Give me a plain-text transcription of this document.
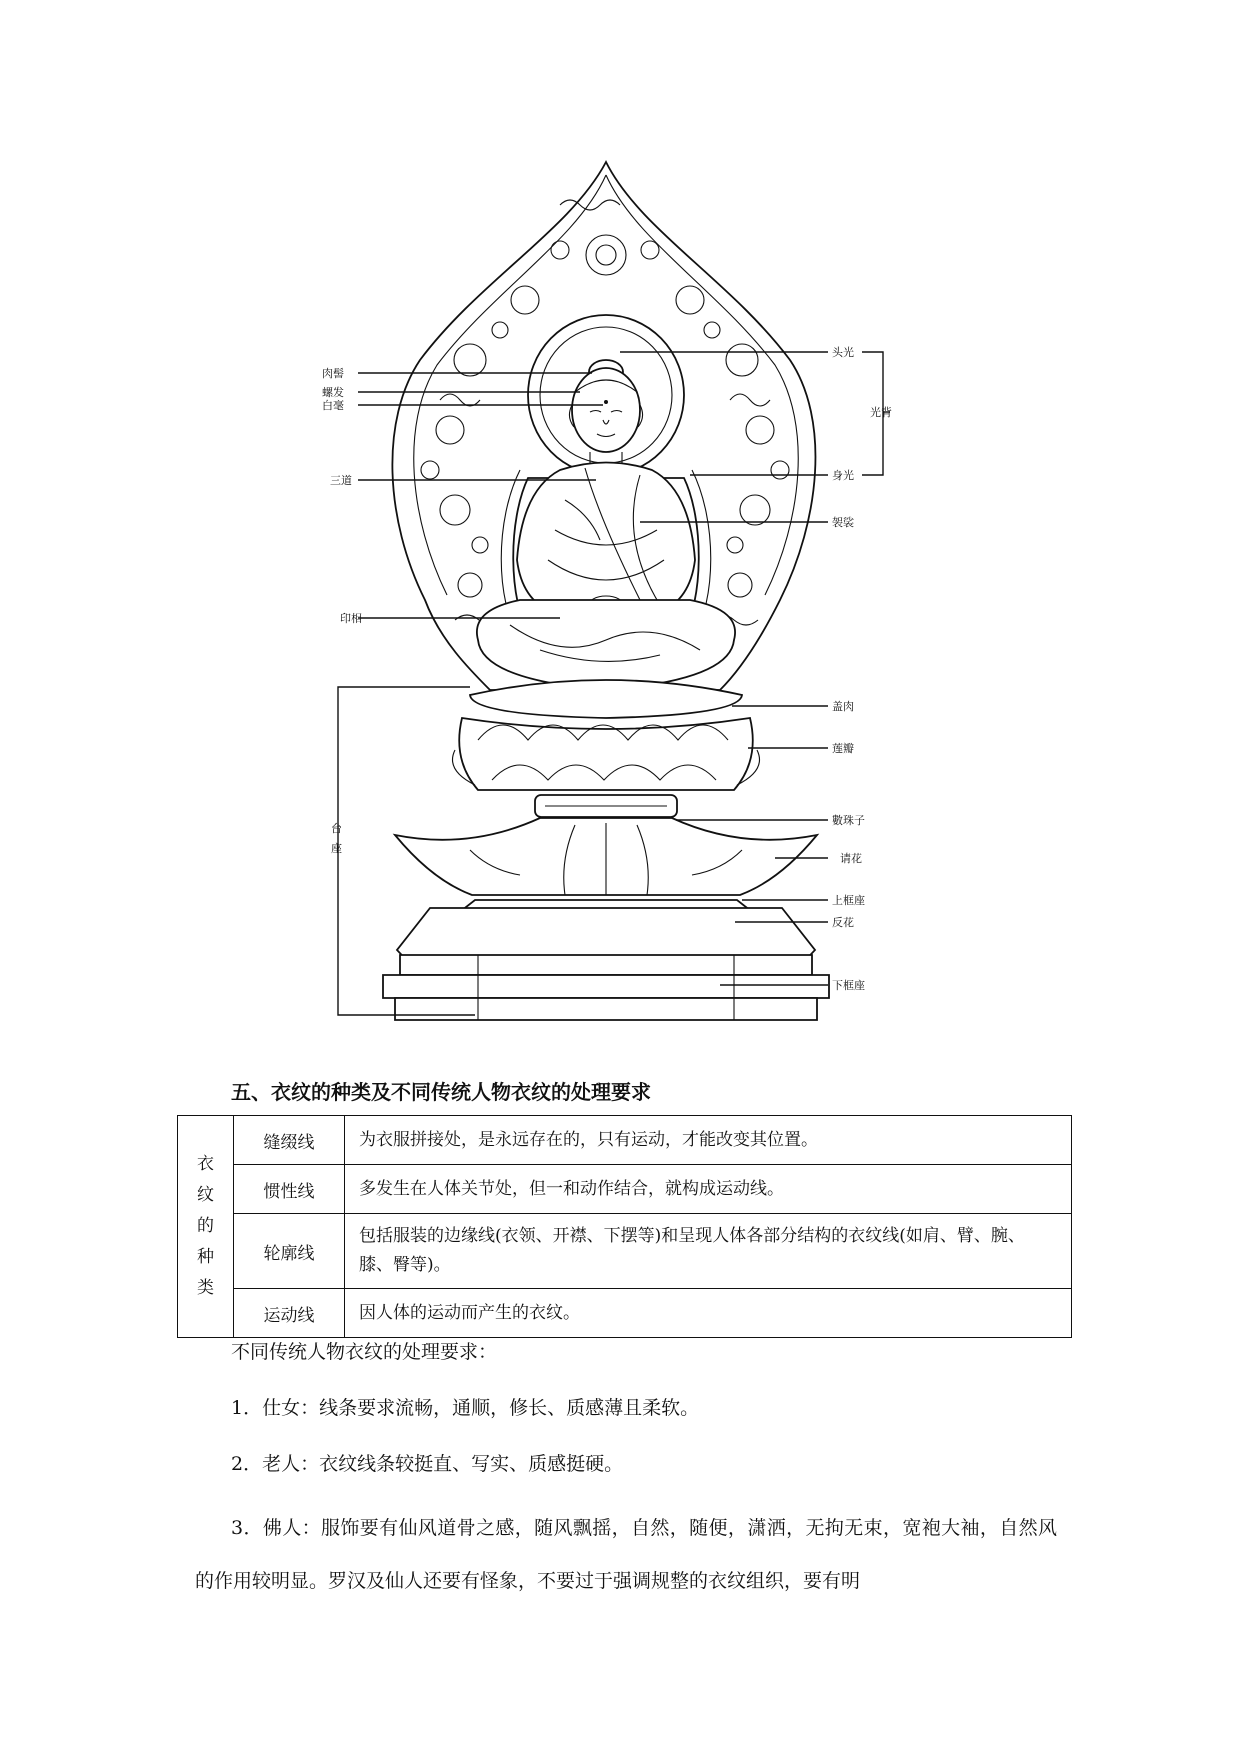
肉髻
螺发
白毫
三道
印相
台
座
头光
光背
身光
袈裟
盖肉
莲瓣
數珠子
请花
上框座
反花
下框座
五、衣纹的种类及不同传统人物衣纹的处理要求
衣
纹
的
种
类	缝缀线	为衣服拼接处，是永远存在的，只有运动，才能改变其位置。
	惯性线	多发生在人体关节处，但一和动作结合，就构成运动线。
	轮廓线	包括服装的边缘线(衣领、开襟、下摆等)和呈现人体各部分结构的衣纹线(如肩、臂、腕、膝、臀等)。
	运动线	因人体的运动而产生的衣纹。
不同传统人物衣纹的处理要求：
1．仕女：线条要求流畅，通顺，修长、质感薄且柔软。
2．老人：衣纹线条较挺直、写实、质感挺硬。
3．佛人：服饰要有仙风道骨之感，随风飘摇，自然，随便，潇洒，无拘无束，宽袍大袖，自然风的作用较明显。罗汉及仙人还要有怪象，不要过于强调规整的衣纹组织，要有明
